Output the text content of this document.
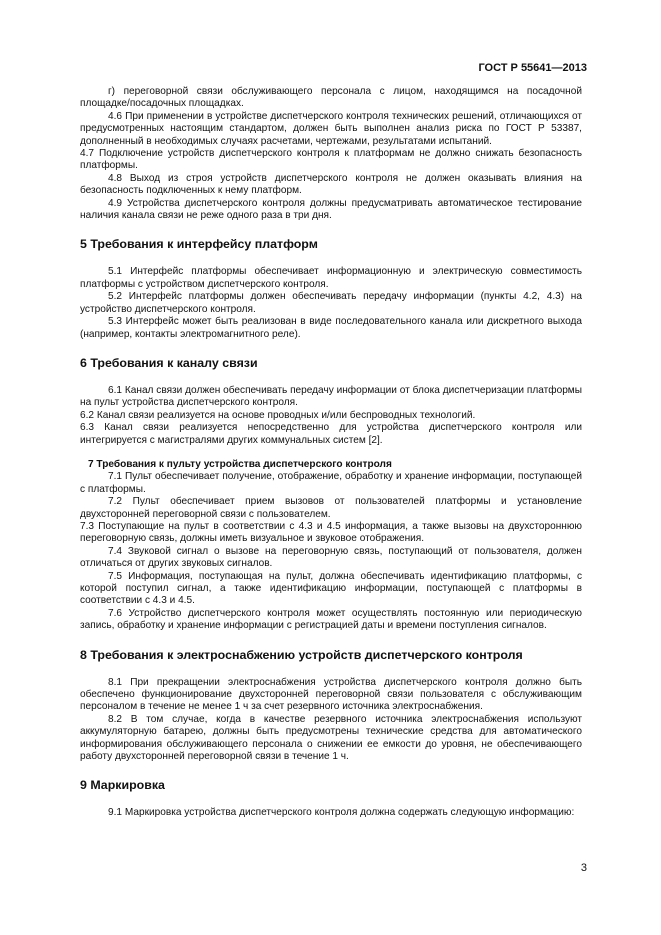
ГОСТ Р 55641—2013

г) переговорной связи обслуживающего персонала с лицом, находящимся на посадочной площадке/посадочных площадках.

4.6 При применении в устройстве диспетчерского контроля технических решений, отличающихся от предусмотренных настоящим стандартом, должен быть выполнен анализ риска по ГОСТ Р 53387, дополненный в необходимых случаях расчетами, чертежами, результатами испытаний.

4.7 Подключение устройств диспетчерского контроля к платформам не должно снижать безопасность платформы.

4.8 Выход из строя устройств диспетчерского контроля не должен оказывать влияния на безопасность подключенных к нему платформ.

4.9 Устройства диспетчерского контроля должны предусматривать автоматическое тестирование наличия канала связи не реже одного раза в три дня.

5 Требования к интерфейсу платформ

5.1 Интерфейс платформы обеспечивает информационную и электрическую совместимость платформы с устройством диспетчерского контроля.

5.2 Интерфейс платформы должен обеспечивать передачу информации (пункты 4.2, 4.3) на устройство диспетчерского контроля.

5.3 Интерфейс может быть реализован в виде последовательного канала или дискретного выхода (например, контакты электромагнитного реле).

6 Требования к каналу связи

6.1 Канал связи должен обеспечивать передачу информации от блока диспетчеризации платформы на пульт устройства диспетчерского контроля.

6.2 Канал связи реализуется на основе проводных и/или беспроводных технологий.

6.3 Канал связи реализуется непосредственно для устройства диспетчерского контроля или интегрируется с магистралями других коммунальных систем [2].

7 Требования к пульту устройства диспетчерского контроля

7.1 Пульт обеспечивает получение, отображение, обработку и хранение информации, поступающей с платформы.

7.2 Пульт обеспечивает прием вызовов от пользователей платформы и установление двухсторонней переговорной связи с пользователем.

7.3 Поступающие на пульт в соответствии с 4.3 и 4.5 информация, а также вызовы на двухстороннюю переговорную связь, должны иметь визуальное и звуковое отображения.

7.4 Звуковой сигнал о вызове на переговорную связь, поступающий от пользователя, должен отличаться от других звуковых сигналов.

7.5 Информация, поступающая на пульт, должна обеспечивать идентификацию платформы, с которой поступил сигнал, а также идентификацию информации, поступающей с платформы в соответствии с 4.3 и 4.5.

7.6 Устройство диспетчерского контроля может осуществлять постоянную или периодическую запись, обработку и хранение информации с регистрацией даты и времени поступления сигналов.

8 Требования к электроснабжению устройств диспетчерского контроля

8.1 При прекращении электроснабжения устройства диспетчерского контроля должно быть обеспечено функционирование двухсторонней переговорной связи пользователя с обслуживающим персоналом в течение не менее 1 ч за счет резервного источника электроснабжения.

8.2 В том случае, когда в качестве резервного источника электроснабжения используют аккумуляторную батарею, должны быть предусмотрены технические средства для автоматического информирования обслуживающего персонала о снижении ее емкости до уровня, не обеспечивающего работу двухсторонней переговорной связи в течение 1 ч.

9 Маркировка

9.1 Маркировка устройства диспетчерского контроля должна содержать следующую информацию:

3
